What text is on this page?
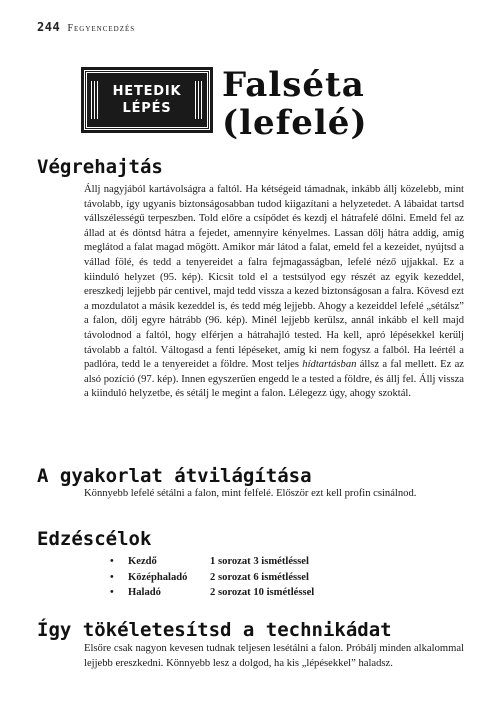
244 Fegyencedzés
HETEDIK
LÉPÉS
Falséta
(lefelé)
Végrehajtás
Állj nagyjából kartávolságra a faltól. Ha kétségeid támadnak, inkább állj közelebb, mint távolabb, így ugyanis biztonságosabban tudod kiigazítani a helyzetedet. A lábaidat tartsd vállszélességű terpeszben. Told előre a csípődet és kezdj el hátrafelé dőlni. Emeld fel az állad at és döntsd hátra a fejedet, amennyire kényelmes. Lassan dőlj hátra addig, amíg meglátod a falat magad mögött. Amikor már látod a falat, emeld fel a kezeidet, nyújtsd a vállad fölé, és tedd a tenyereidet a falra fejmagasságban, lefelé néző ujjakkal. Ez a kiinduló helyzet (95. kép). Kicsit told el a testsúlyod egy részét az egyik kezeddel, ereszkedj lejjebb pár centivel, majd tedd vissza a kezed biztonságosan a falra. Kövesd ezt a mozdulatot a másik kezeddel is, és tedd még lejjebb. Ahogy a kezeiddel lefelé „sétálsz” a falon, dőlj egyre hátrább (96. kép). Minél lejjebb kerülsz, annál inkább el kell majd távolodnod a faltól, hogy elférjen a hátrahajló tested. Ha kell, apró lépésekkel kerülj távolabb a faltól. Váltogasd a fenti lépéseket, amíg ki nem fogysz a falból. Ha leértél a padlóra, tedd le a tenyereidet a földre. Most teljes hídtartásban állsz a fal mellett. Ez az alsó pozíció (97. kép). Innen egyszerűen engedd le a tested a földre, és állj fel. Állj vissza a kiinduló helyzetbe, és sétálj le megint a falon. Lélegezz úgy, ahogy szoktál.
A gyakorlat átvilágítása
Könnyebb lefelé sétálni a falon, mint felfelé. Először ezt kell profin csinálnod.
Edzéscélok
•	Kezdő	1 sorozat 3 ismétléssel
•	Középhaladó	2 sorozat 6 ismétléssel
•	Haladó	2 sorozat 10 ismétléssel
Így tökéletesítsd a technikádat
Elsőre csak nagyon kevesen tudnak teljesen lesétálni a falon. Próbálj minden alkalommal lejjebb ereszkedni. Könnyebb lesz a dolgod, ha kis „lépésekkel” haladsz.
